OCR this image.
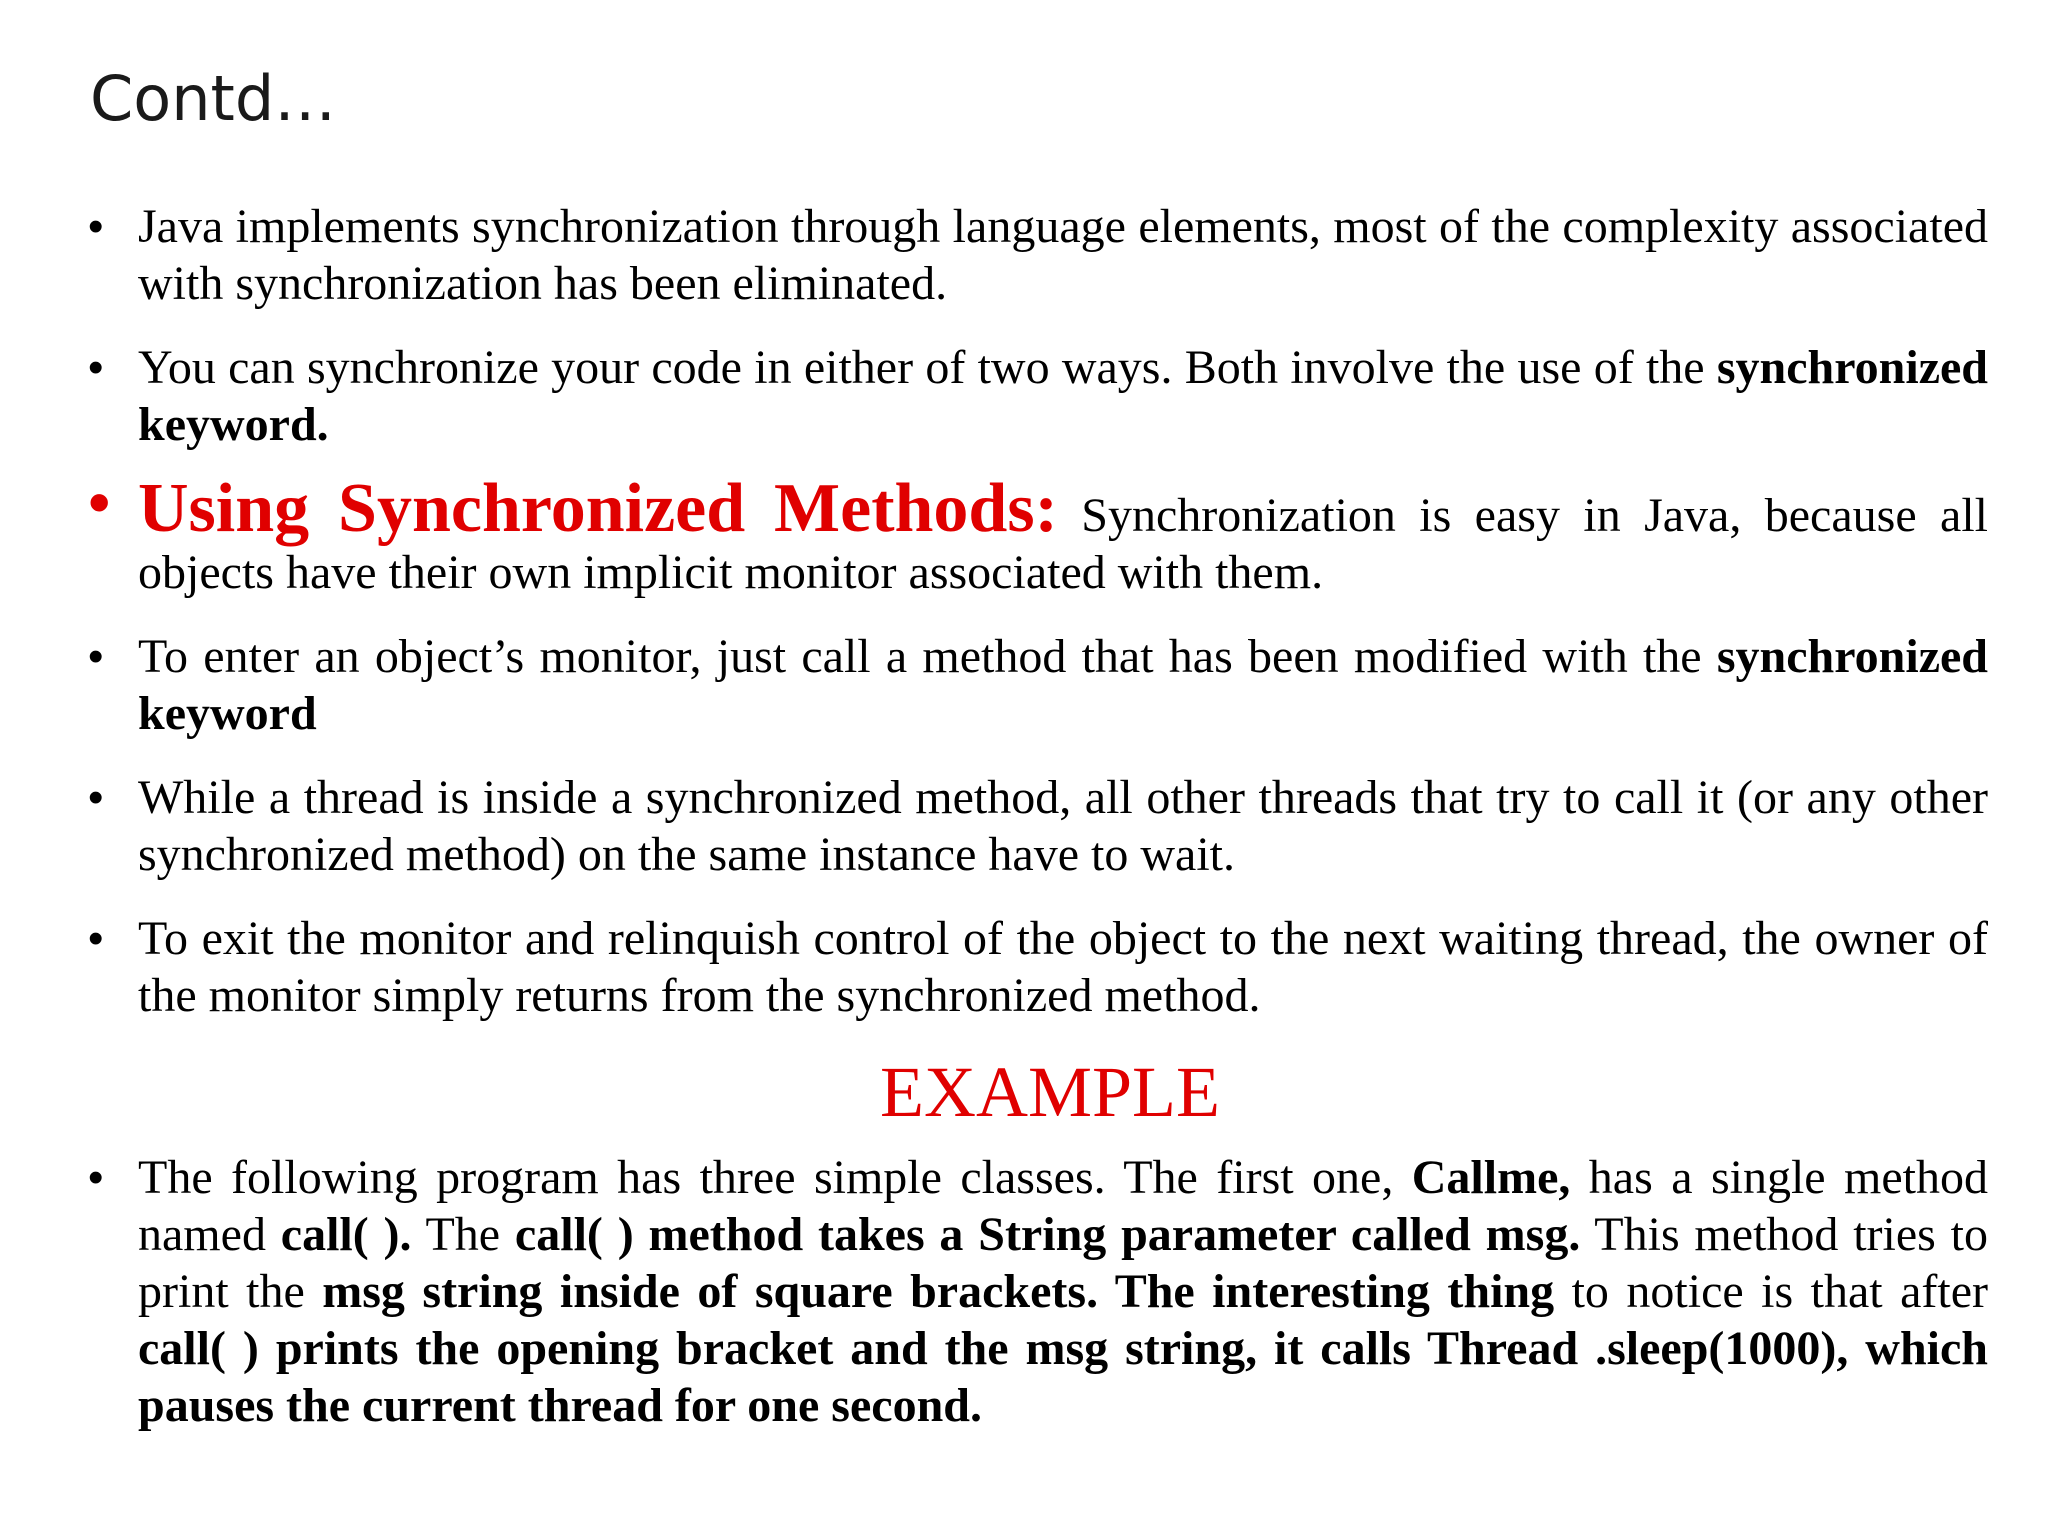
Contd…
• Java implements synchronization through language elements, most of the complexity associated with synchronization has been eliminated.
• You can synchronize your code in either of two ways. Both involve the use of the synchronized keyword.
• Using Synchronized Methods: Synchronization is easy in Java, because all objects have their own implicit monitor associated with them.
• To enter an object’s monitor, just call a method that has been modified with the synchronized keyword
• While a thread is inside a synchronized method, all other threads that try to call it (or any other synchronized method) on the same instance have to wait.
• To exit the monitor and relinquish control of the object to the next waiting thread, the owner of the monitor simply returns from the synchronized method.
EXAMPLE
• The following program has three simple classes. The first one, Callme, has a single method named call( ). The call( ) method takes a String parameter called msg. This method tries to print the msg string inside of square brackets. The interesting thing to notice is that after call( ) prints the opening bracket and the msg string, it calls Thread .sleep(1000), which pauses the current thread for one second.
